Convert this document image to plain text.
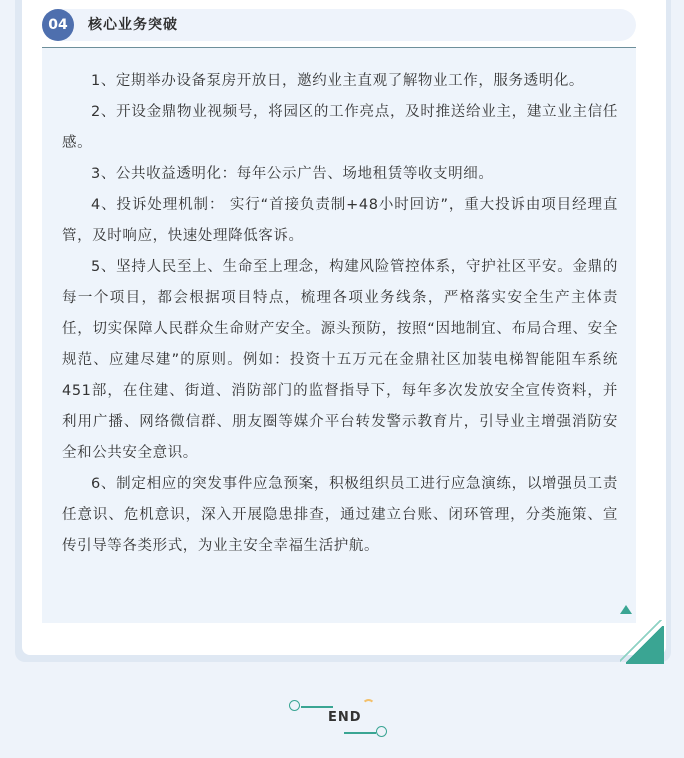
04	核心业务突破

1、定期举办设备泵房开放日，邀约业主直观了解物业工作，服务透明化。

2、开设金鼎物业视频号，将园区的工作亮点，及时推送给业主，建立业主信任感。

3、公共收益透明化：每年公示广告、场地租赁等收支明细。

4、投诉处理机制： 实行“首接负责制+48小时回访”，重大投诉由项目经理直管，及时响应，快速处理降低客诉。

5、坚持人民至上、生命至上理念，构建风险管控体系，守护社区平安。金鼎的每一个项目，都会根据项目特点，梳理各项业务线条，严格落实安全生产主体责任，切实保障人民群众生命财产安全。源头预防，按照“因地制宜、布局合理、安全规范、应建尽建”的原则。例如：投资十五万元在金鼎社区加装电梯智能阻车系统451部，在住建、街道、消防部门的监督指导下，每年多次发放安全宣传资料，并利用广播、网络微信群、朋友圈等媒介平台转发警示教育片，引导业主增强消防安全和公共安全意识。

6、制定相应的突发事件应急预案，积极组织员工进行应急演练，以增强员工责任意识、危机意识，深入开展隐患排查，通过建立台账、闭环管理，分类施策、宣传引导等各类形式，为业主安全幸福生活护航。

END
